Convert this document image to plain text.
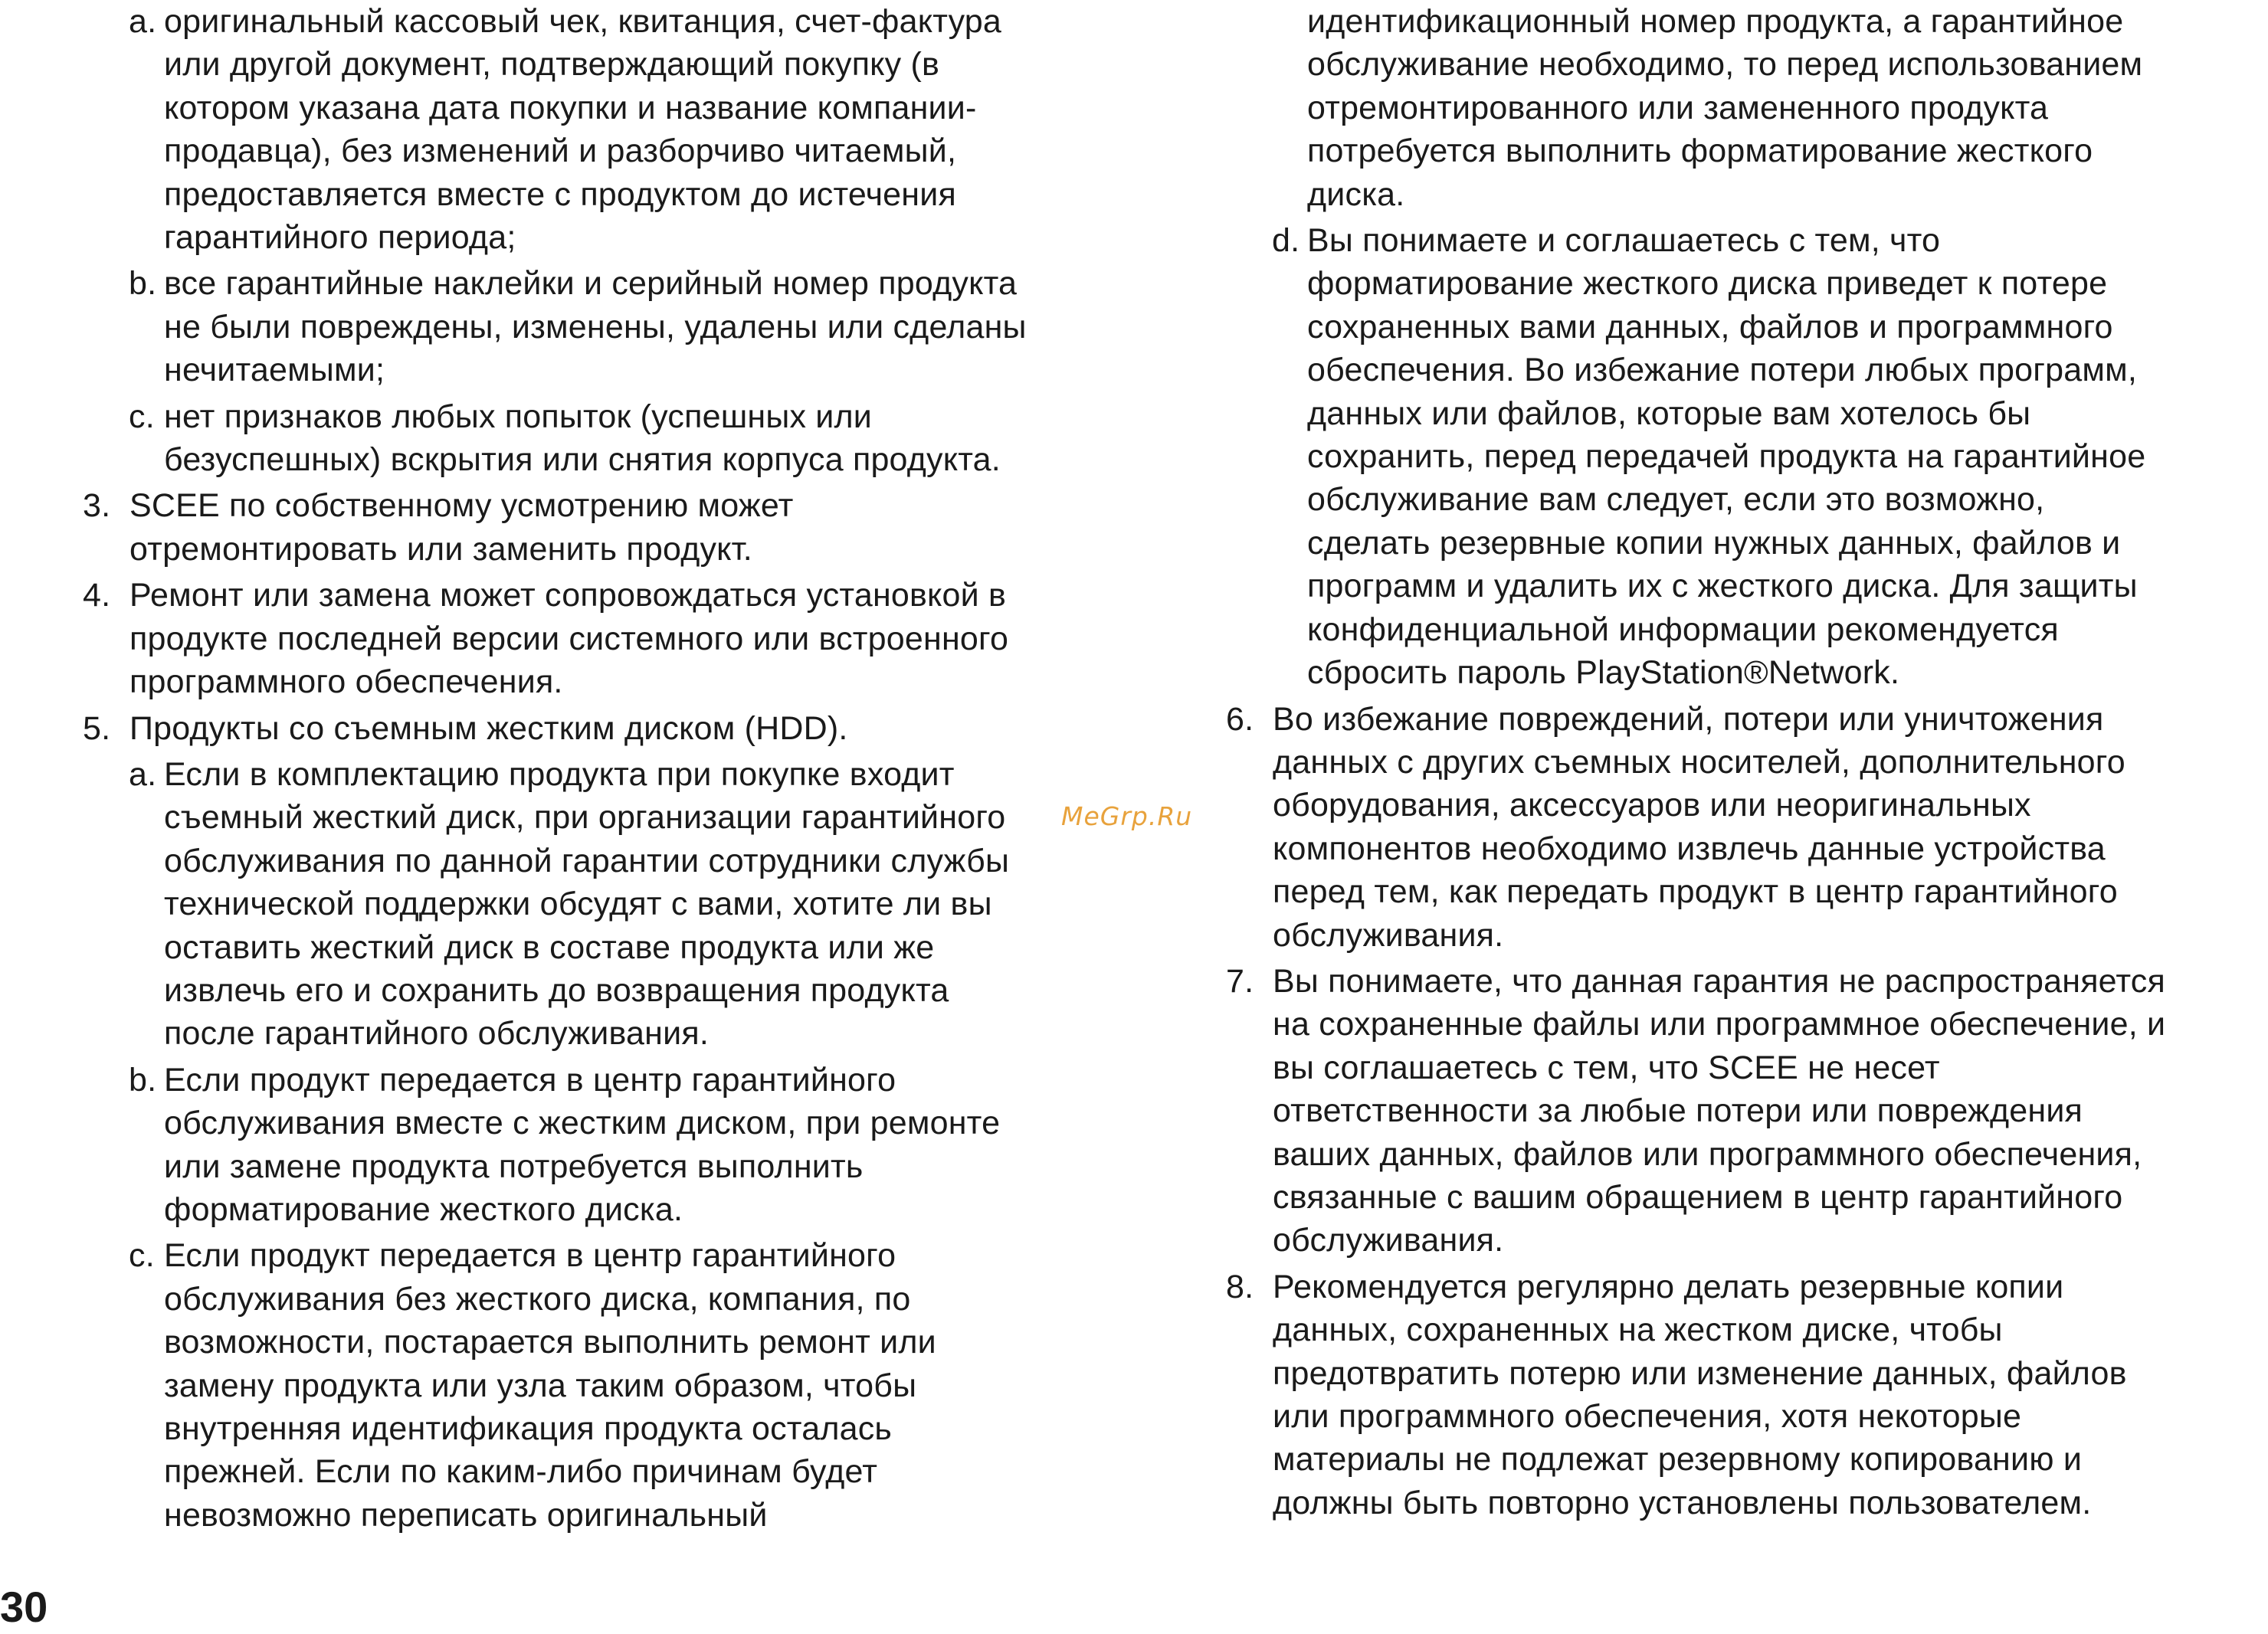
a. оригинальный кассовый чек, квитанция, счет-фактура
или другой документ, подтверждающий покупку (в
котором указана дата покупки и название компании-
продавца), без изменений и разборчиво читаемый,
предоставляется вместе с продуктом до истечения
гарантийного периода;
b. все гарантийные наклейки и серийный номер продукта
не были повреждены, изменены, удалены или сделаны
нечитаемыми;
c. нет признаков любых попыток (успешных или
безуспешных) вскрытия или снятия корпуса продукта.
3. SCEE по собственному усмотрению может
отремонтировать или заменить продукт.
4. Ремонт или замена может сопровождаться установкой в
продукте последней версии системного или встроенного
программного обеспечения.
5. Продукты со съемным жестким диском (HDD).
a. Если в комплектацию продукта при покупке входит
съемный жесткий диск, при организации гарантийного
обслуживания по данной гарантии сотрудники службы
технической поддержки обсудят с вами, хотите ли вы
оставить жесткий диск в составе продукта или же
извлечь его и сохранить до возвращения продукта
после гарантийного обслуживания.
b. Если продукт передается в центр гарантийного
обслуживания вместе с жестким диском, при ремонте
или замене продукта потребуется выполнить
форматирование жесткого диска.
c. Если продукт передается в центр гарантийного
обслуживания без жесткого диска, компания, по
возможности, постарается выполнить ремонт или
замену продукта или узла таким образом, чтобы
внутренняя идентификация продукта осталась
прежней. Если по каким-либо причинам будет
невозможно переписать оригинальный
идентификационный номер продукта, а гарантийное
обслуживание необходимо, то перед использованием
отремонтированного или замененного продукта
потребуется выполнить форматирование жесткого
диска.
d. Вы понимаете и соглашаетесь с тем, что
форматирование жесткого диска приведет к потере
сохраненных вами данных, файлов и программного
обеспечения. Во избежание потери любых программ,
данных или файлов, которые вам хотелось бы
сохранить, перед передачей продукта на гарантийное
обслуживание вам следует, если это возможно,
сделать резервные копии нужных данных, файлов и
программ и удалить их с жесткого диска. Для защиты
конфиденциальной информации рекомендуется
сбросить пароль PlayStation®Network.
6. Во избежание повреждений, потери или уничтожения
данных с других съемных носителей, дополнительного
оборудования, аксессуаров или неоригинальных
компонентов необходимо извлечь данные устройства
перед тем, как передать продукт в центр гарантийного
обслуживания.
7. Вы понимаете, что данная гарантия не распространяется
на сохраненные файлы или программное обеспечение, и
вы соглашаетесь с тем, что SCEE не несет
ответственности за любые потери или повреждения
ваших данных, файлов или программного обеспечения,
связанные с вашим обращением в центр гарантийного
обслуживания.
8. Рекомендуется регулярно делать резервные копии
данных, сохраненных на жестком диске, чтобы
предотвратить потерю или изменение данных, файлов
или программного обеспечения, хотя некоторые
материалы не подлежат резервному копированию и
должны быть повторно установлены пользователем.
MeGrp.Ru
30
